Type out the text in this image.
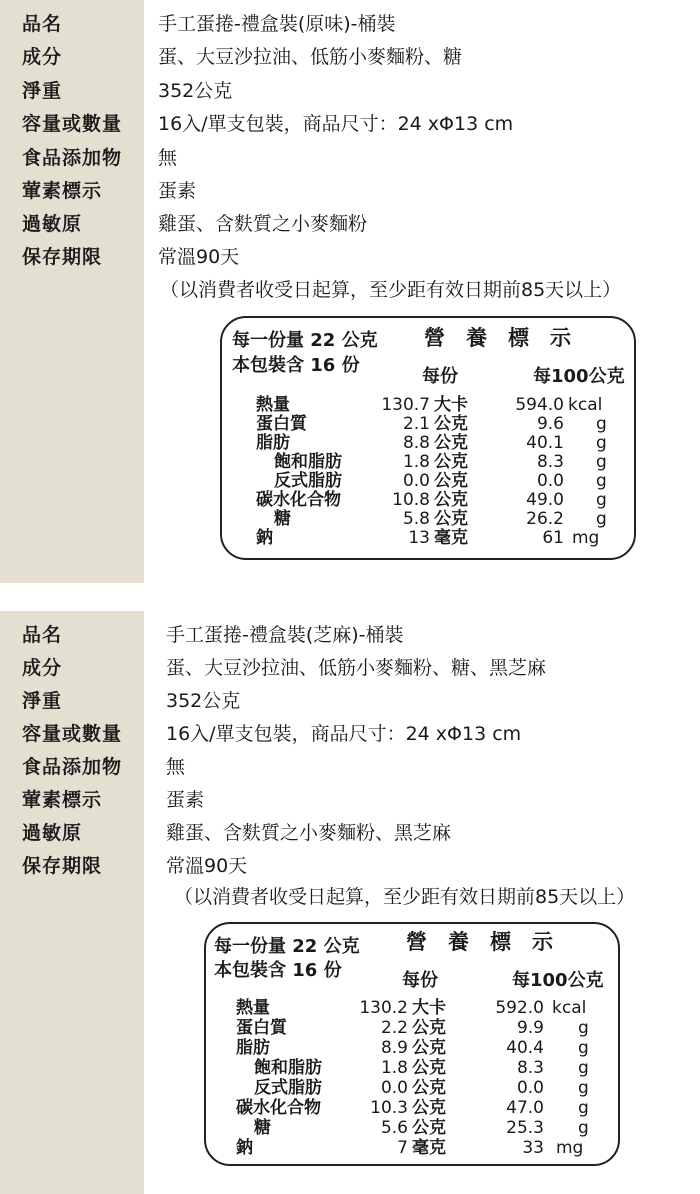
品名	手工蛋捲-禮盒裝(原味)-桶裝
成分	蛋、大豆沙拉油、低筋小麥麵粉、糖
淨重	352公克
容量或數量 16入/單支包裝，商品尺寸：24 xΦ13 cm
食品添加物 無
葷素標示	蛋素
過敏原	雞蛋、含麩質之小麥麵粉
保存期限	常溫90天
（以消費者收受日起算，至少距有效日期前85天以上）
每一份量 22 公克
本包裝含 16 份
營　養　標　示
每份	每100公克
熱量	130.7 大卡	594.0 kcal
蛋白質	2.1 公克	9.6 g
脂肪	8.8 公克	40.1 g
飽和脂肪	1.8 公克	8.3 g
反式脂肪	0.0 公克	0.0 g
碳水化合物	10.8 公克	49.0 g
糖	5.8 公克	26.2 g
鈉	13 毫克	61 mg
品名	手工蛋捲-禮盒裝(芝麻)-桶裝
成分	蛋、大豆沙拉油、低筋小麥麵粉、糖、黑芝麻
淨重	352公克
容量或數量 16入/單支包裝，商品尺寸：24 xΦ13 cm
食品添加物 無
葷素標示	蛋素
過敏原	雞蛋、含麩質之小麥麵粉、黑芝麻
保存期限	常溫90天
（以消費者收受日起算，至少距有效日期前85天以上）
每一份量 22 公克
本包裝含 16 份
營　養　標　示
每份	每100公克
熱量	130.2 大卡	592.0 kcal
蛋白質	2.2 公克	9.9 g
脂肪	8.9 公克	40.4 g
飽和脂肪	1.8 公克	8.3 g
反式脂肪	0.0 公克	0.0 g
碳水化合物	10.3 公克	47.0 g
糖	5.6 公克	25.3 g
鈉	7 毫克	33 mg
